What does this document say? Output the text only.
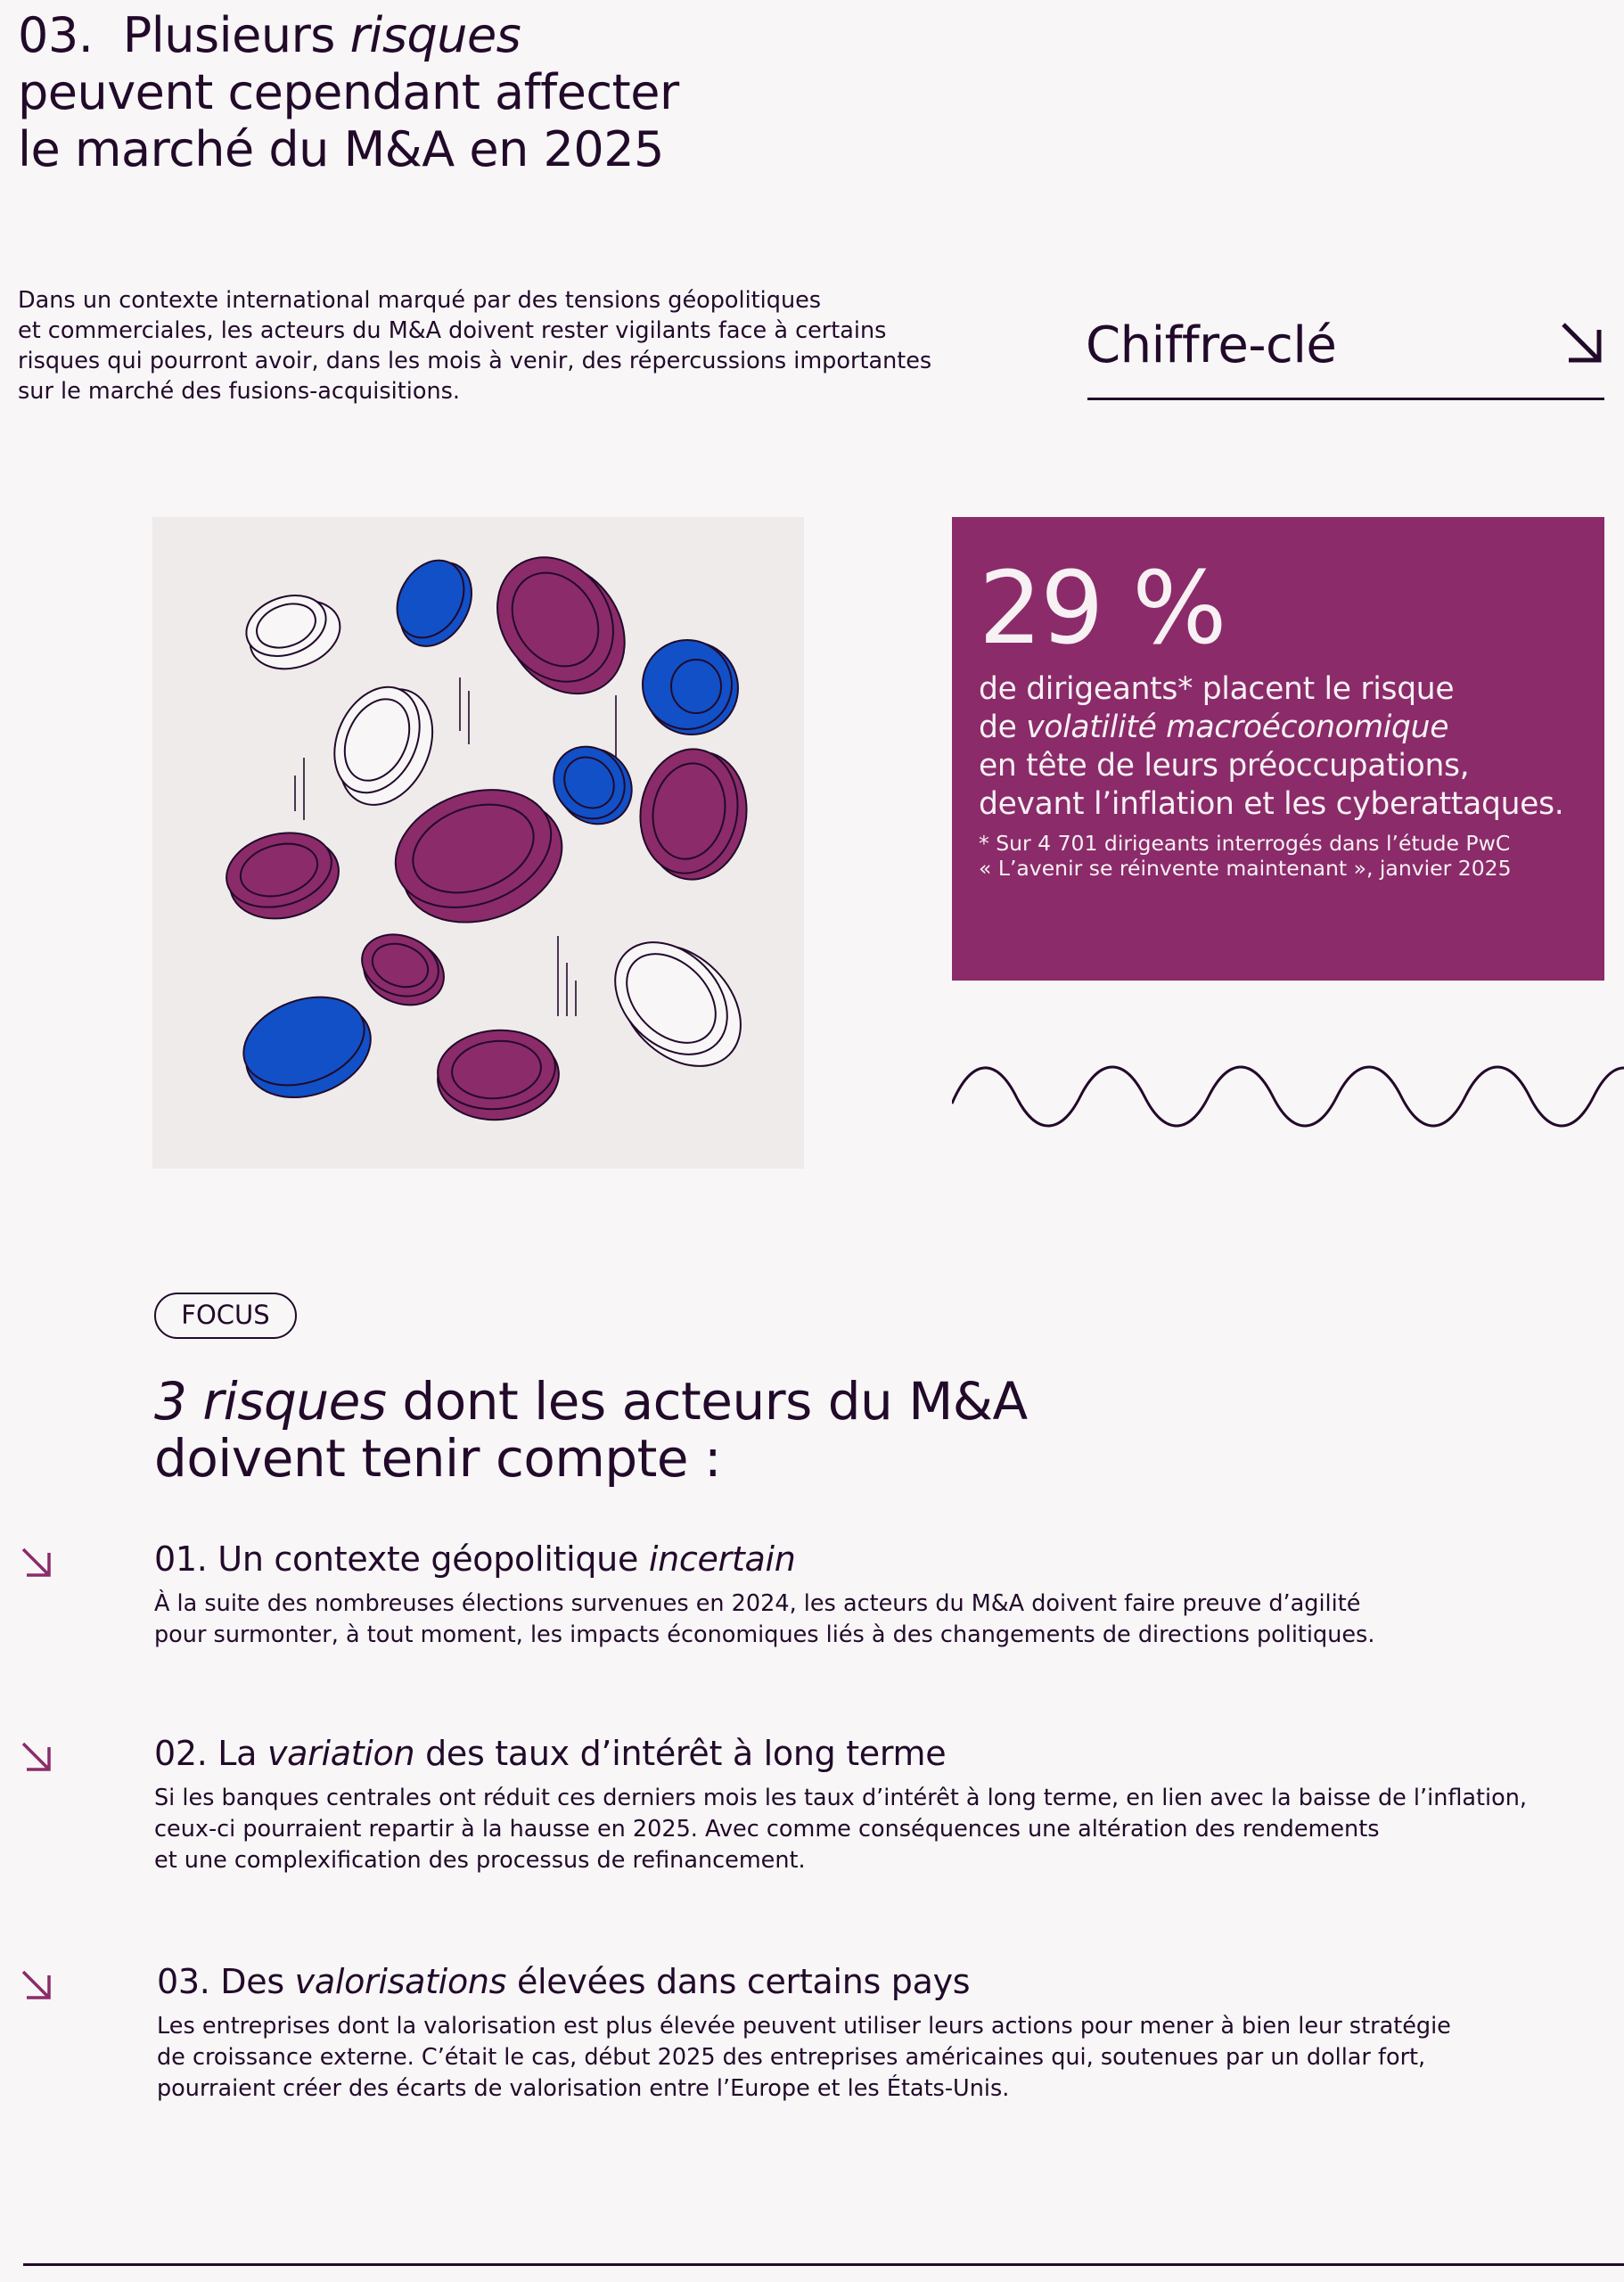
03. Plusieurs risques
peuvent cependant affecter
le marché du M&A en 2025
Dans un contexte international marqué par des tensions géopolitiques
et commerciales, les acteurs du M&A doivent rester vigilants face à certains
risques qui pourront avoir, dans les mois à venir, des répercussions importantes
sur le marché des fusions-acquisitions.
Chiffre-clé
29 %
de dirigeants* placent le risque
de volatilité macroéconomique
en tête de leurs préoccupations,
devant l’inflation et les cyberattaques.
* Sur 4 701 dirigeants interrogés dans l’étude PwC
« L’avenir se réinvente maintenant », janvier 2025
FOCUS
3 risques dont les acteurs du M&A
doivent tenir compte :
01. Un contexte géopolitique incertain
À la suite des nombreuses élections survenues en 2024, les acteurs du M&A doivent faire preuve d’agilité
pour surmonter, à tout moment, les impacts économiques liés à des changements de directions politiques.
02. La variation des taux d’intérêt à long terme
Si les banques centrales ont réduit ces derniers mois les taux d’intérêt à long terme, en lien avec la baisse de l’inflation,
ceux-ci pourraient repartir à la hausse en 2025. Avec comme conséquences une altération des rendements
et une complexification des processus de refinancement.
03. Des valorisations élevées dans certains pays
Les entreprises dont la valorisation est plus élevée peuvent utiliser leurs actions pour mener à bien leur stratégie
de croissance externe. C’était le cas, début 2025 des entreprises américaines qui, soutenues par un dollar fort,
pourraient créer des écarts de valorisation entre l’Europe et les États-Unis.
